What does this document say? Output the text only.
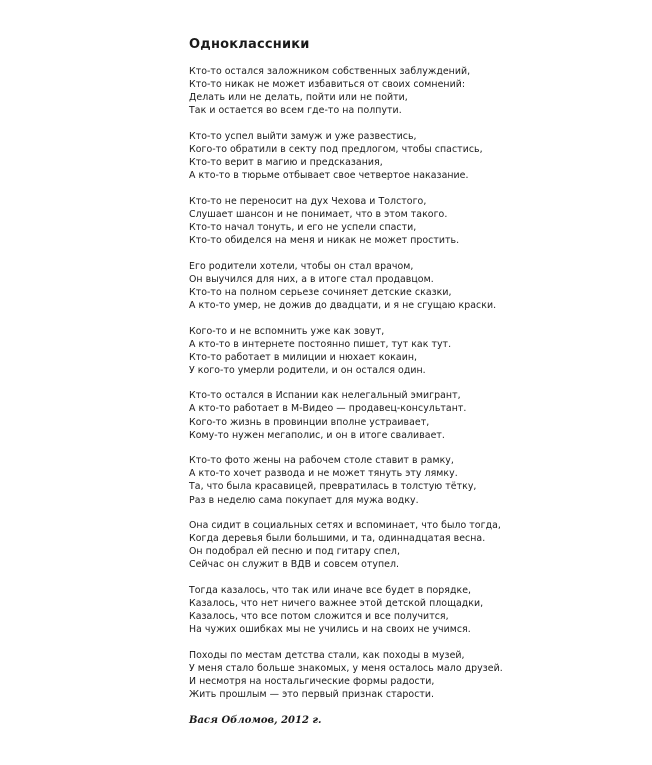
Одноклассники
Кто-то остался заложником собственных заблуждений,
Кто-то никак не может избавиться от своих сомнений:
Делать или не делать, пойти или не пойти,
Так и остается во всем где-то на полпути.
Кто-то успел выйти замуж и уже развестись,
Кого-то обратили в секту под предлогом, чтобы спастись,
Кто-то верит в магию и предсказания,
А кто-то в тюрьме отбывает свое четвертое наказание.
Кто-то не переносит на дух Чехова и Толстого,
Слушает шансон и не понимает, что в этом такого.
Кто-то начал тонуть, и его не успели спасти,
Кто-то обиделся на меня и никак не может простить.
Его родители хотели, чтобы он стал врачом,
Он выучился для них, а в итоге стал продавцом.
Кто-то на полном серьезе сочиняет детские сказки,
А кто-то умер, не дожив до двадцати, и я не сгущаю краски.
Кого-то и не вспомнить уже как зовут,
А кто-то в интернете постоянно пишет, тут как тут.
Кто-то работает в милиции и нюхает кокаин,
У кого-то умерли родители, и он остался один.
Кто-то остался в Испании как нелегальный эмигрант,
А кто-то работает в М-Видео — продавец-консультант.
Кого-то жизнь в провинции вполне устраивает,
Кому-то нужен мегаполис, и он в итоге сваливает.
Кто-то фото жены на рабочем столе ставит в рамку,
А кто-то хочет развода и не может тянуть эту лямку.
Та, что была красавицей, превратилась в толстую тётку,
Раз в неделю сама покупает для мужа водку.
Она сидит в социальных сетях и вспоминает, что было тогда,
Когда деревья были большими, и та, одиннадцатая весна.
Он подобрал ей песню и под гитару спел,
Сейчас он служит в ВДВ и совсем отупел.
Тогда казалось, что так или иначе все будет в порядке,
Казалось, что нет ничего важнее этой детской площадки,
Казалось, что все потом сложится и все получится,
На чужих ошибках мы не учились и на своих не учимся.
Походы по местам детства стали, как походы в музей,
У меня стало больше знакомых, у меня осталось мало друзей.
И несмотря на ностальгические формы радости,
Жить прошлым — это первый признак старости.
Вася Обломов, 2012 г.
